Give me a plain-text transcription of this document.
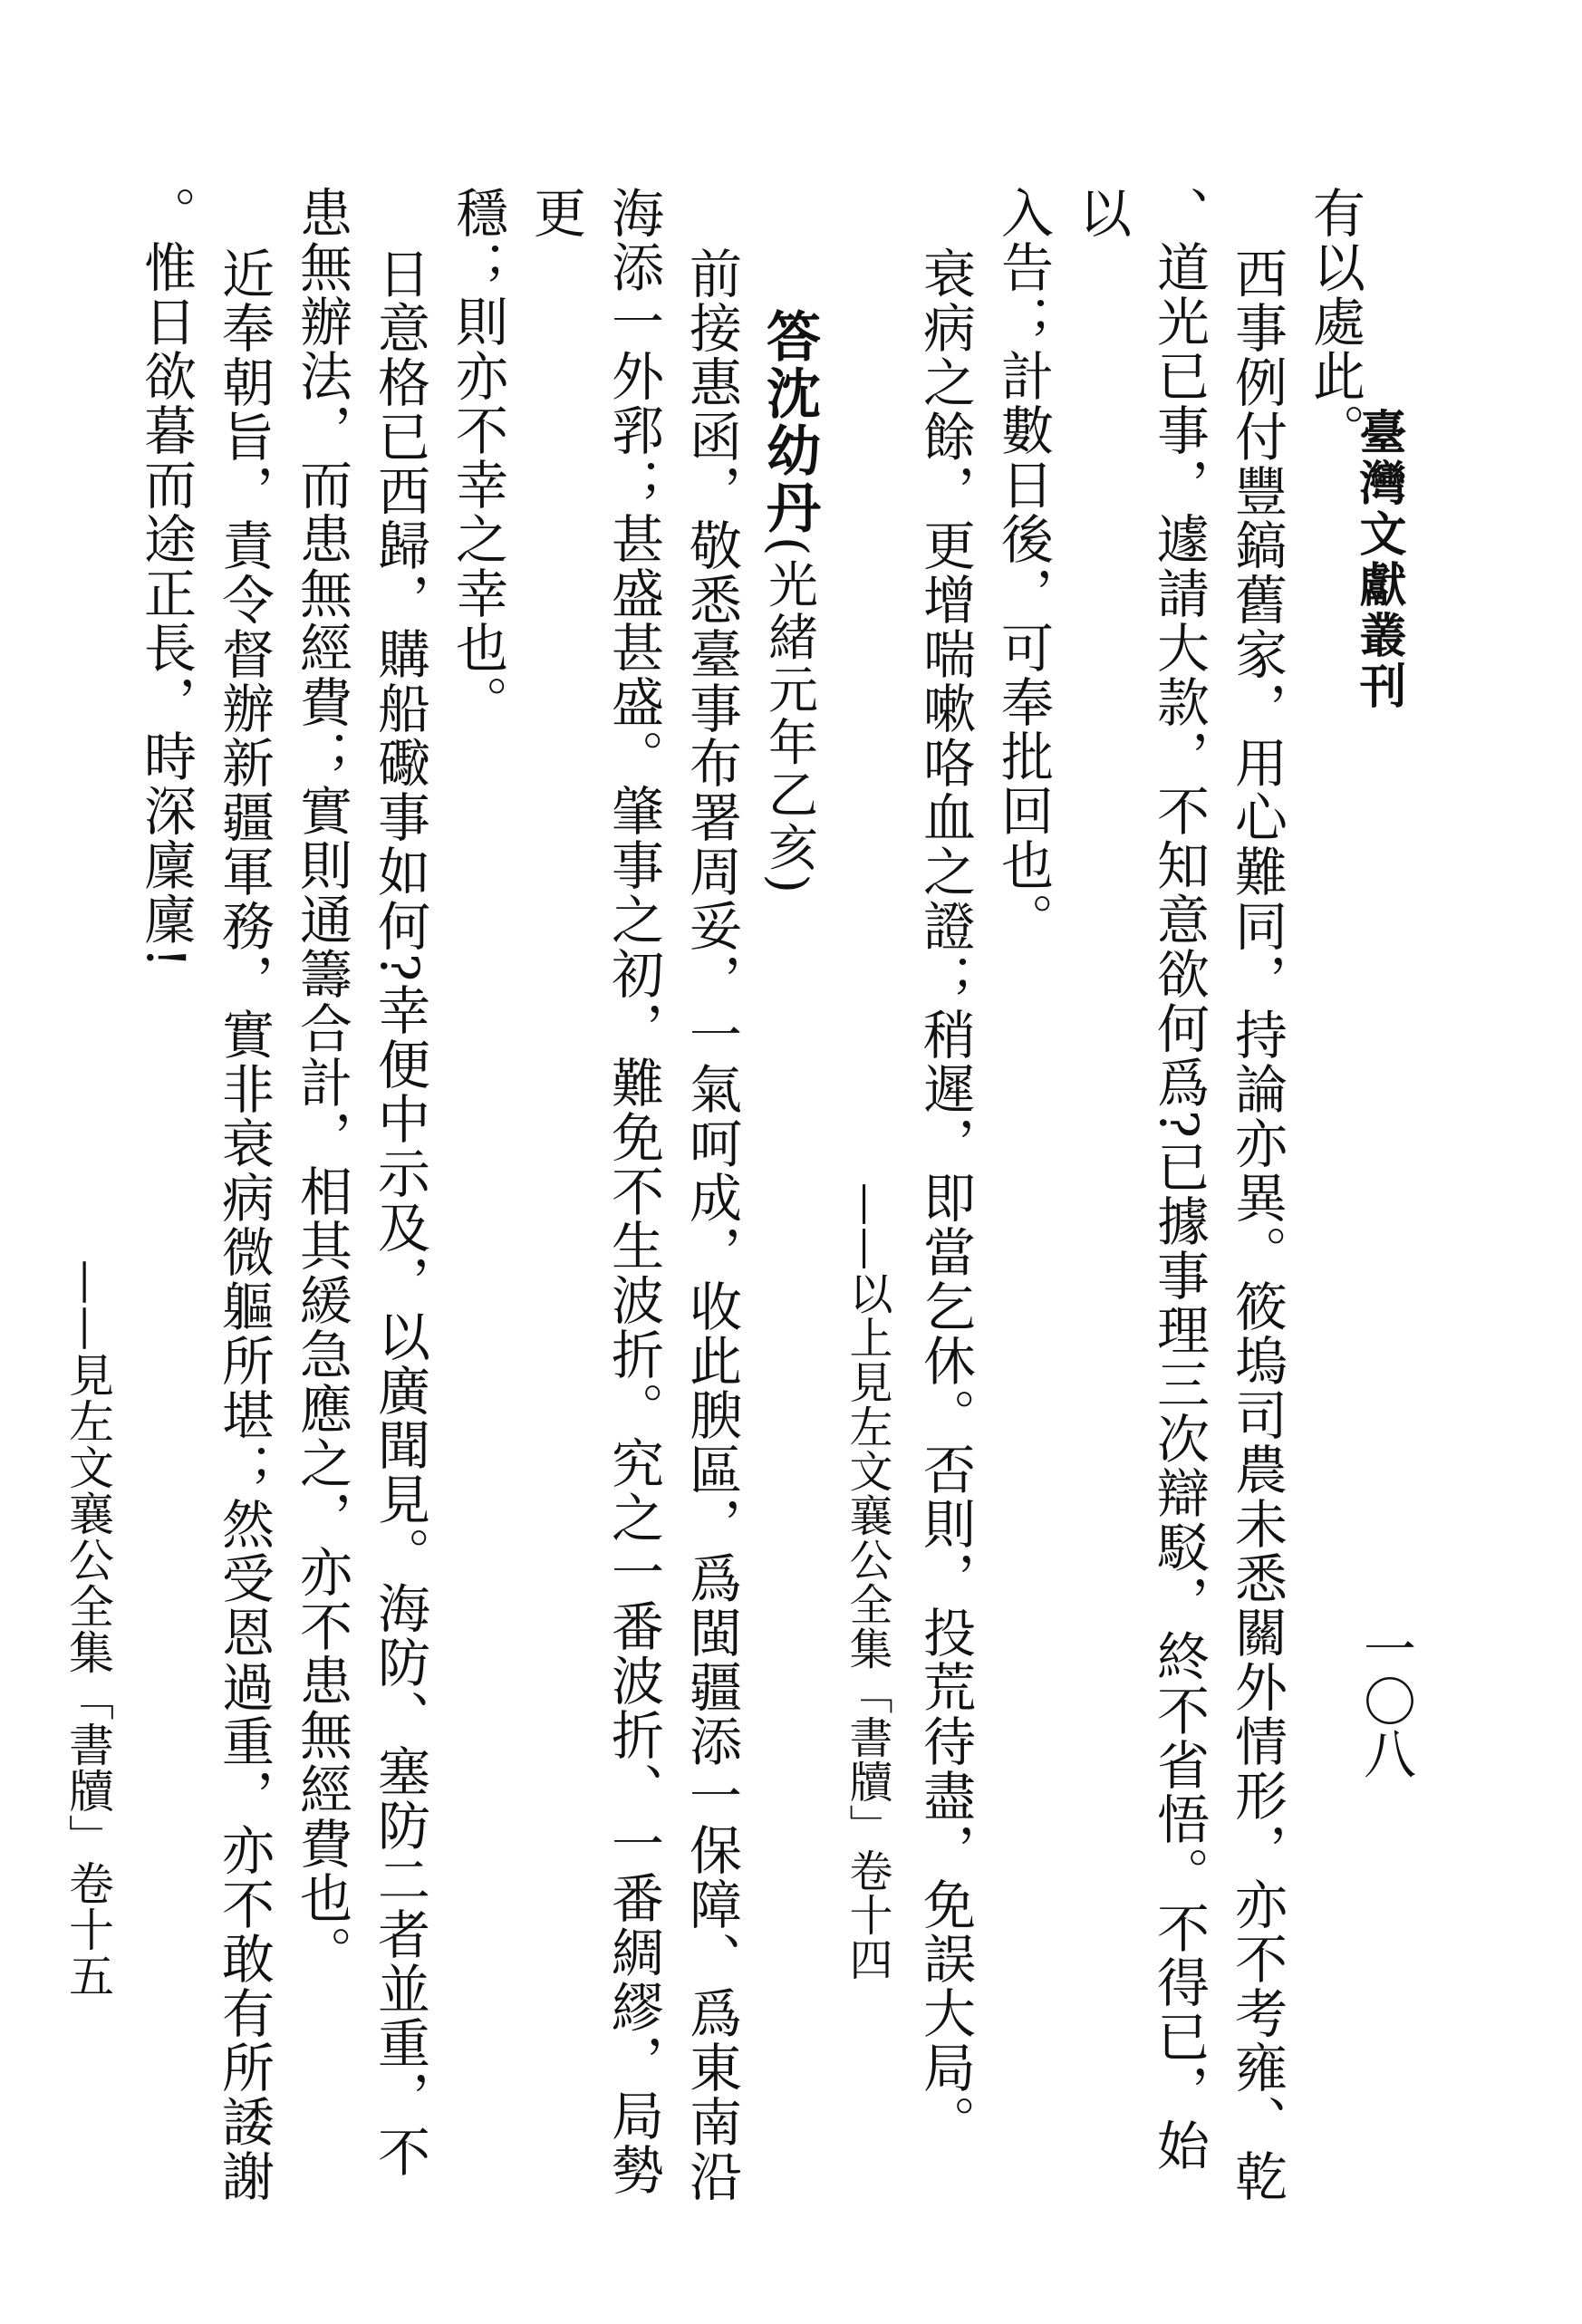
臺灣文獻叢刊
一〇八

有以處此。

西事例付豐鎬舊家，用心難同，持論亦異。筱塢司農未悉關外情形，亦不考雍、乾

、道光已事，遽請大款，不知意欲何爲?已據事理三次辯駁，終不省悟。不得已，始以

入告；計數日後，可奉批回也。

衰病之餘，更增喘嗽咯血之證；稍遲，即當乞休。否則，投荒待盡，免誤大局。

——以上見左文襄公全集「書牘」卷十四

答沈幼丹(光緒元年乙亥)

前接惠函，敬悉臺事布署周妥，一氣呵成，收此腴區，爲閩疆添一保障、爲東南沿

海添一外郛；甚盛甚盛。肇事之初，難免不生波折。究之一番波折、一番綢繆，局勢更

穩；則亦不幸之幸也。

日意格已西歸，購船礮事如何?幸便中示及，以廣聞見。海防、塞防二者並重，不

患無辦法，而患無經費；實則通籌合計，相其緩急應之，亦不患無經費也。

近奉朝旨，責令督辦新疆軍務，實非衰病微軀所堪；然受恩過重，亦不敢有所諉謝

。惟日欲暮而途正長，時深廩廩!

——見左文襄公全集「書牘」卷十五
